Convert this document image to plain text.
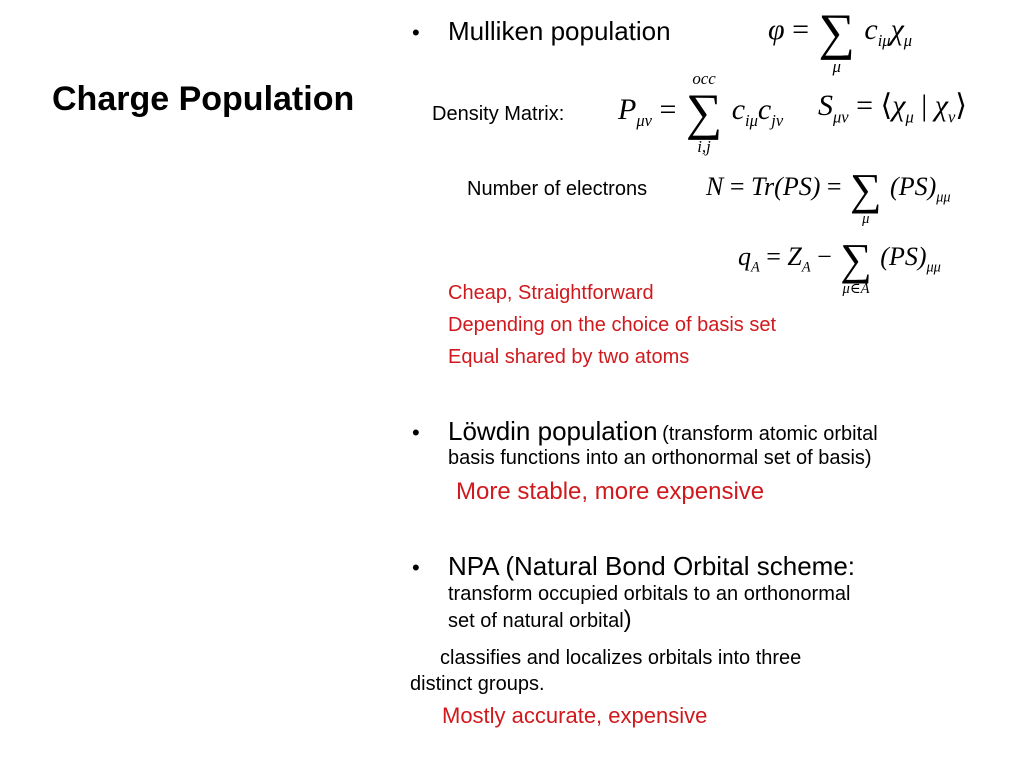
Charge Population
• Mulliken population	φ = ∑
μ
$c_{i\mu}\chi_\mu$
Density Matrix: $P_{\mu\nu}$ = ∑
occ
i,j
$c_{i\mu}c_{j\nu}$ $S_{\mu\nu}$ = $⟨\chi_\mu$ | $\chi_\nu⟩$
Number of electrons N = Tr(PS) = ∑
μ
$(PS)_{\mu\mu}$
$q_A = Z_A$ − ∑
μ∈A
$(PS)_{\mu\mu}$
Cheap, Straightforward
Depending on the choice of basis set
Equal shared by two atoms
• Löwdin population (transform atomic orbital
basis functions into an orthonormal set of basis)
More stable, more expensive
• NPA (Natural Bond Orbital scheme:
transform occupied orbitals to an orthonormal
set of natural orbital)
classifies and localizes orbitals into three
distinct groups.
Mostly accurate, expensive
